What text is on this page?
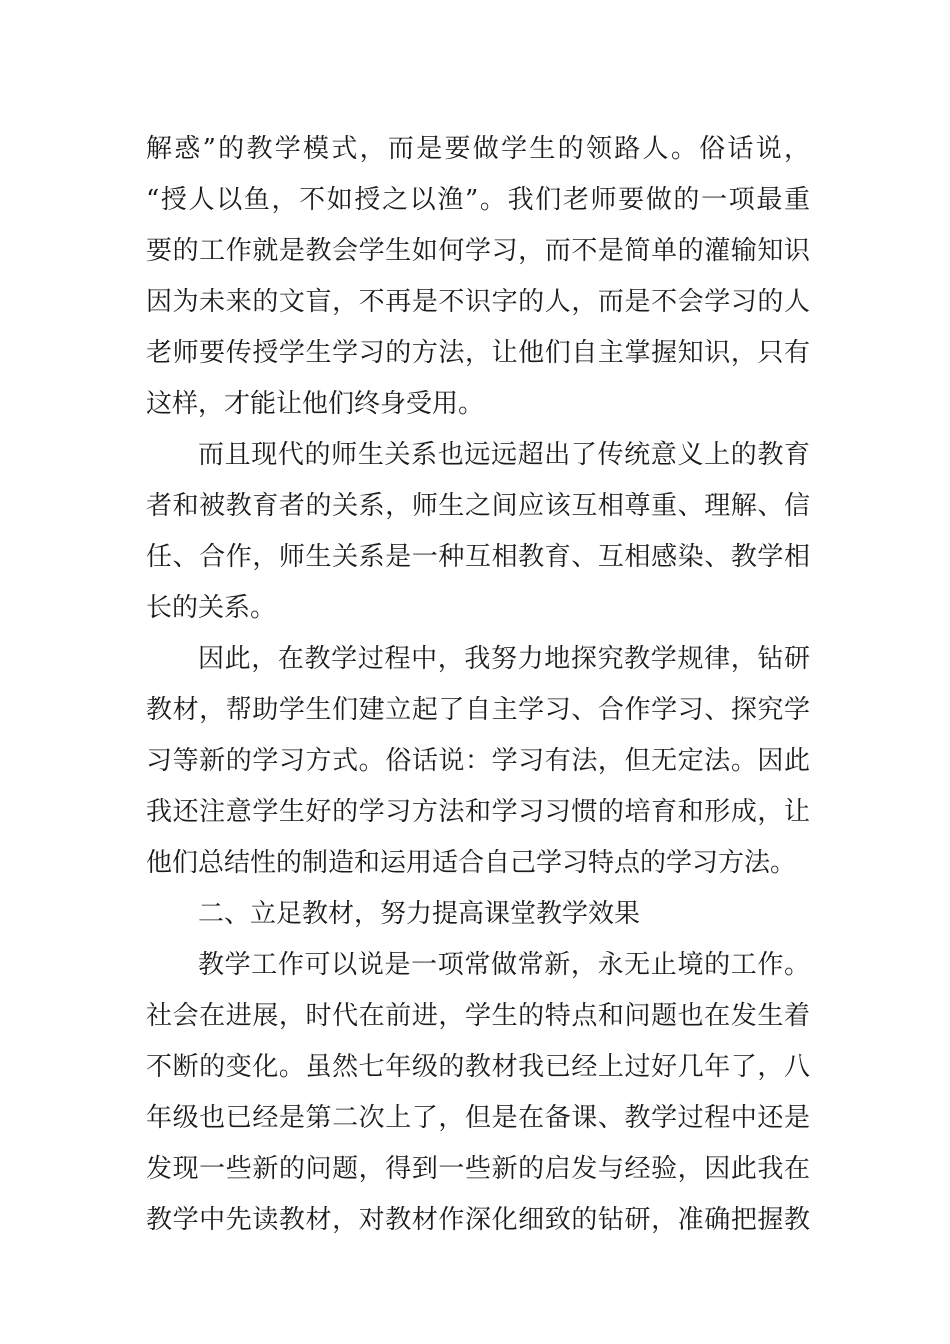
解惑”的教学模式，而是要做学生的领路人。俗话说，
“授人以鱼，不如授之以渔”。我们老师要做的一项最重
要的工作就是教会学生如何学习，而不是简单的灌输知识
因为未来的文盲，不再是不识字的人，而是不会学习的人
老师要传授学生学习的方法，让他们自主掌握知识，只有
这样，才能让他们终身受用。
而且现代的师生关系也远远超出了传统意义上的教育
者和被教育者的关系，师生之间应该互相尊重、理解、信
任、合作，师生关系是一种互相教育、互相感染、教学相
长的关系。
因此，在教学过程中，我努力地探究教学规律，钻研
教材，帮助学生们建立起了自主学习、合作学习、探究学
习等新的学习方式。俗话说：学习有法，但无定法。因此
我还注意学生好的学习方法和学习习惯的培育和形成，让
他们总结性的制造和运用适合自己学习特点的学习方法。
二、立足教材，努力提高课堂教学效果
教学工作可以说是一项常做常新，永无止境的工作。
社会在进展，时代在前进，学生的特点和问题也在发生着
不断的变化。虽然七年级的教材我已经上过好几年了，八
年级也已经是第二次上了，但是在备课、教学过程中还是
发现一些新的问题，得到一些新的启发与经验，因此我在
教学中先读教材，对教材作深化细致的钻研，准确把握教
